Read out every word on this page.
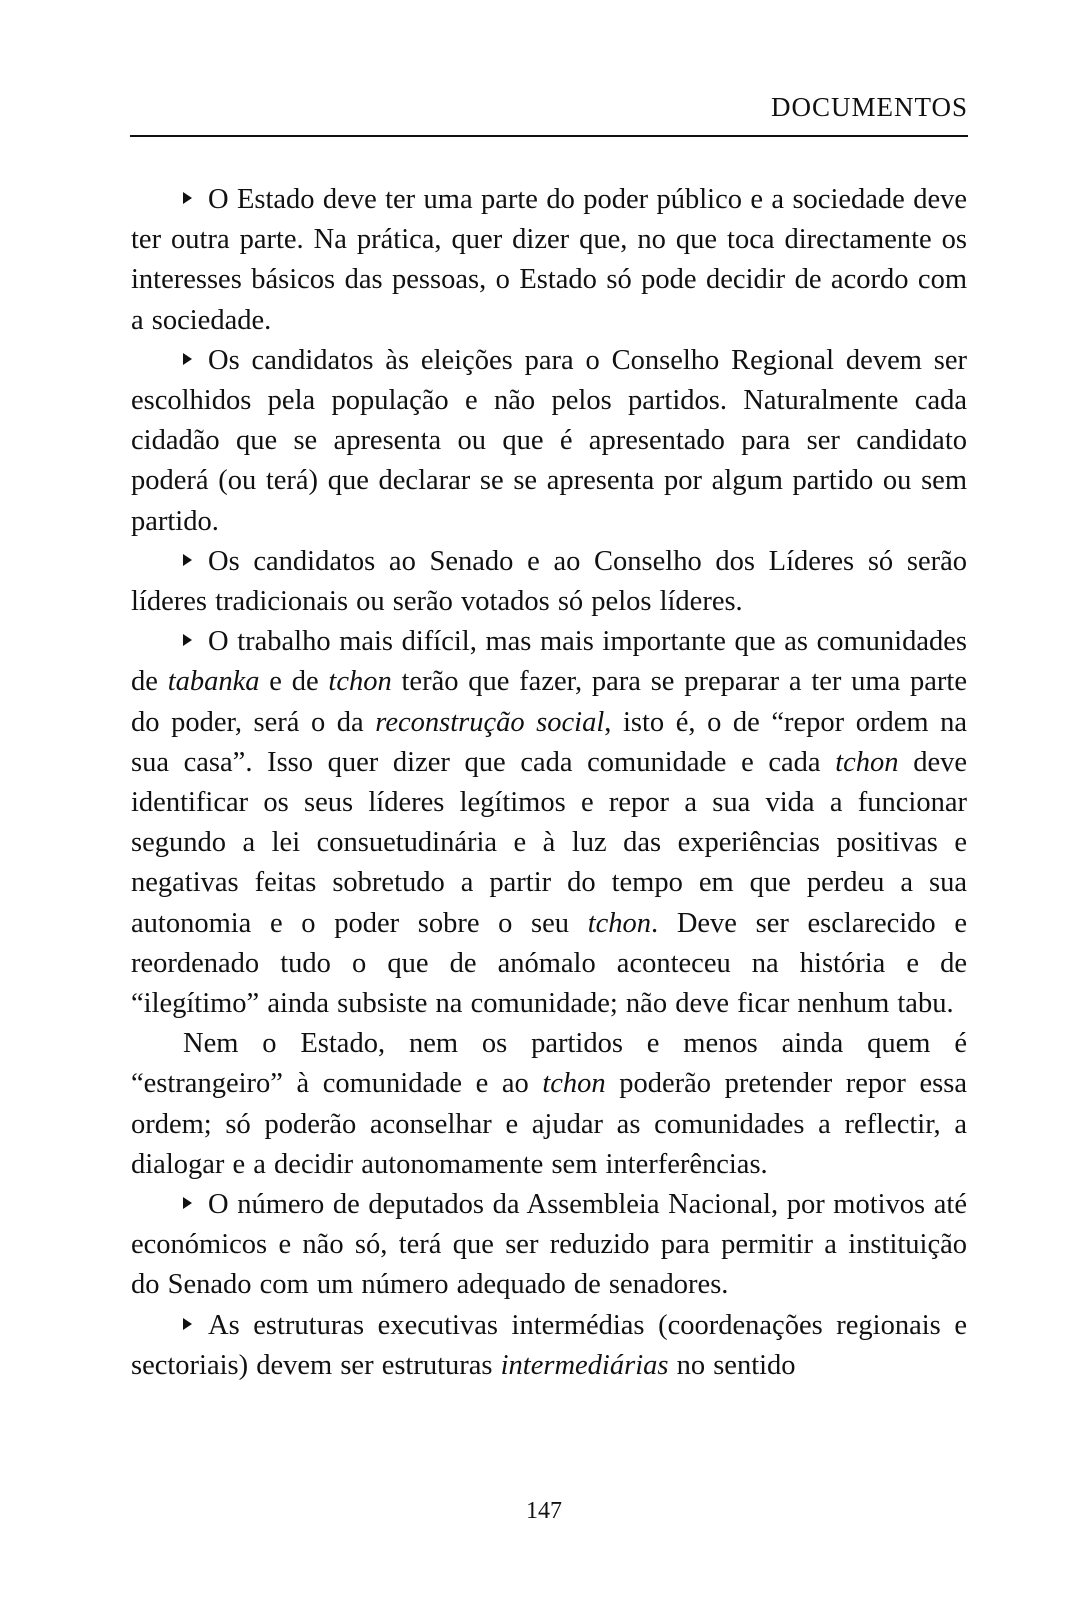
DOCUMENTOS

O Estado deve ter uma parte do poder público e a sociedade deve ter outra parte. Na prática, quer dizer que, no que toca directamente os interesses básicos das pessoas, o Estado só pode decidir de acordo com a sociedade.

Os candidatos às eleições para o Conselho Regional devem ser escolhidos pela população e não pelos partidos. Naturalmente cada cidadão que se apresenta ou que é apresentado para ser candidato poderá (ou terá) que declarar se se apresenta por algum partido ou sem partido.

Os candidatos ao Senado e ao Conselho dos Líderes só serão líderes tradicionais ou serão votados só pelos líderes.

O trabalho mais difícil, mas mais importante que as comunidades de tabanka e de tchon terão que fazer, para se preparar a ter uma parte do poder, será o da reconstrução social, isto é, o de “repor ordem na sua casa”. Isso quer dizer que cada comunidade e cada tchon deve identificar os seus líderes legítimos e repor a sua vida a funcionar segundo a lei consuetudinária e à luz das experiências positivas e negativas feitas sobretudo a partir do tempo em que perdeu a sua autonomia e o poder sobre o seu tchon. Deve ser esclarecido e reordenado tudo o que de anómalo aconteceu na história e de “ilegítimo” ainda subsiste na comunidade; não deve ficar nenhum tabu.

Nem o Estado, nem os partidos e menos ainda quem é “estrangeiro” à comunidade e ao tchon poderão pretender repor essa ordem; só poderão aconselhar e ajudar as comunidades a reflectir, a dialogar e a decidir autonomamente sem interferências.

O número de deputados da Assembleia Nacional, por motivos até económicos e não só, terá que ser reduzido para permitir a instituição do Senado com um número adequado de senadores.

As estruturas executivas intermédias (coordenações regionais e sectoriais) devem ser estruturas intermediárias no sentido

147
